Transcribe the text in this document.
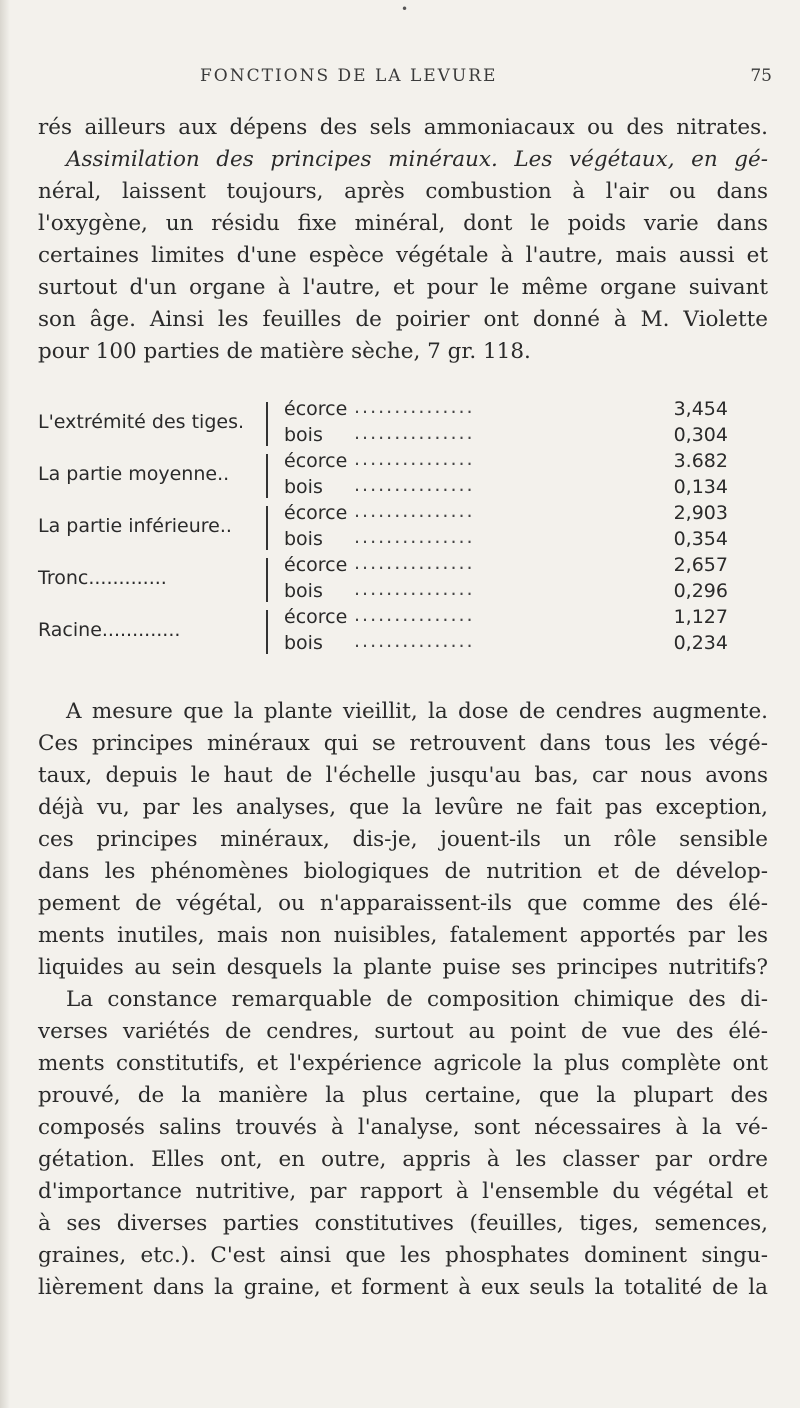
•
FONCTIONS DE LA LEVURE	75
rés ailleurs aux dépens des sels ammoniacaux ou des nitrates.
Assimilation des principes minéraux. Les végétaux, en gé-
néral, laissent toujours, après combustion à l'air ou dans
l'oxygène, un résidu fixe minéral, dont le poids varie dans
certaines limites d'une espèce végétale à l'autre, mais aussi et
surtout d'un organe à l'autre, et pour le même organe suivant
son âge. Ainsi les feuilles de poirier ont donné à M. Violette
pour 100 parties de matière sèche, 7 gr. 118.
L'extrémité des tiges.
écorce ...............	3,454
bois ...............	0,304
La partie moyenne..
écorce ...............	3.682
bois ...............	0,134
La partie inférieure..
écorce ...............	2,903
bois ...............	0,354
Tronc.............
écorce ...............	2,657
bois ...............	0,296
Racine.............
écorce ...............	1,127
bois ...............	0,234
A mesure que la plante vieillit, la dose de cendres augmente.
Ces principes minéraux qui se retrouvent dans tous les végé-
taux, depuis le haut de l'échelle jusqu'au bas, car nous avons
déjà vu, par les analyses, que la levûre ne fait pas exception,
ces principes minéraux, dis-je, jouent-ils un rôle sensible
dans les phénomènes biologiques de nutrition et de dévelop-
pement de végétal, ou n'apparaissent-ils que comme des élé-
ments inutiles, mais non nuisibles, fatalement apportés par les
liquides au sein desquels la plante puise ses principes nutritifs?
La constance remarquable de composition chimique des di-
verses variétés de cendres, surtout au point de vue des élé-
ments constitutifs, et l'expérience agricole la plus complète ont
prouvé, de la manière la plus certaine, que la plupart des
composés salins trouvés à l'analyse, sont nécessaires à la vé-
gétation. Elles ont, en outre, appris à les classer par ordre
d'importance nutritive, par rapport à l'ensemble du végétal et
à ses diverses parties constitutives (feuilles, tiges, semences,
graines, etc.). C'est ainsi que les phosphates dominent singu-
lièrement dans la graine, et forment à eux seuls la totalité de la
